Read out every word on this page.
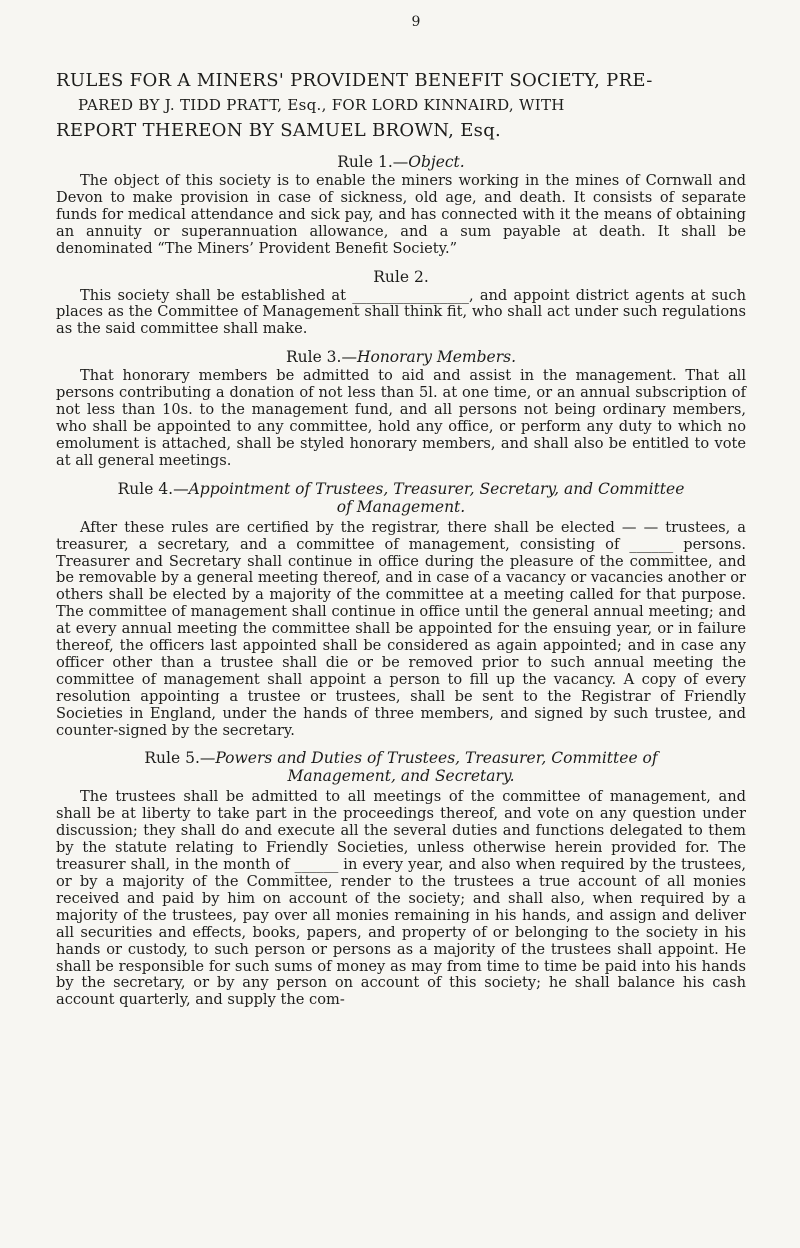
9
RULES FOR A MINERS' PROVIDENT BENEFIT SOCIETY, PRE-
PARED BY J. TIDD PRATT, Esq., FOR LORD KINNAIRD, WITH
REPORT THEREON BY SAMUEL BROWN, Esq.
Rule 1.—Object.

The object of this society is to enable the miners working in the mines of Cornwall and Devon to make provision in case of sickness, old age, and death. It consists of separate funds for medical attendance and sick pay, and has connected with it the means of obtaining an annuity or superannuation allowance, and a sum payable at death. It shall be denominated “The Miners’ Provident Benefit Society.”

Rule 2.

This society shall be established at ________________, and appoint district agents at such places as the Committee of Management shall think fit, who shall act under such regulations as the said committee shall make.

Rule 3.—Honorary Members.

That honorary members be admitted to aid and assist in the management. That all persons contributing a donation of not less than 5l. at one time, or an annual subscription of not less than 10s. to the management fund, and all persons not being ordinary members, who shall be appointed to any committee, hold any office, or perform any duty to which no emolument is attached, shall be styled honorary members, and shall also be entitled to vote at all general meetings.

Rule 4.—Appointment of Trustees, Treasurer, Secretary, and Committee
of Management.

After these rules are certified by the registrar, there shall be elected — — trustees, a treasurer, a secretary, and a committee of management, consisting of ______ persons. Treasurer and Secretary shall continue in office during the pleasure of the committee, and be removable by a general meeting thereof, and in case of a vacancy or vacancies another or others shall be elected by a majority of the committee at a meeting called for that purpose. The committee of management shall continue in office until the general annual meeting; and at every annual meeting the committee shall be appointed for the ensuing year, or in failure thereof, the officers last appointed shall be considered as again appointed; and in case any officer other than a trustee shall die or be removed prior to such annual meeting the committee of management shall appoint a person to fill up the vacancy. A copy of every resolution appointing a trustee or trustees, shall be sent to the Registrar of Friendly Societies in England, under the hands of three members, and signed by such trustee, and counter-signed by the secretary.

Rule 5.—Powers and Duties of Trustees, Treasurer, Committee of
Management, and Secretary.

The trustees shall be admitted to all meetings of the committee of management, and shall be at liberty to take part in the proceedings thereof, and vote on any question under discussion; they shall do and execute all the several duties and functions delegated to them by the statute relating to Friendly Societies, unless otherwise herein provided for. The treasurer shall, in the month of ______ in every year, and also when required by the trustees, or by a majority of the Committee, render to the trustees a true account of all monies received and paid by him on account of the society; and shall also, when required by a majority of the trustees, pay over all monies remaining in his hands, and assign and deliver all securities and effects, books, papers, and property of or belonging to the society in his hands or custody, to such person or persons as a majority of the trustees shall appoint. He shall be responsible for such sums of money as may from time to time be paid into his hands by the secretary, or by any person on account of this society; he shall balance his cash account quarterly, and supply the com-
